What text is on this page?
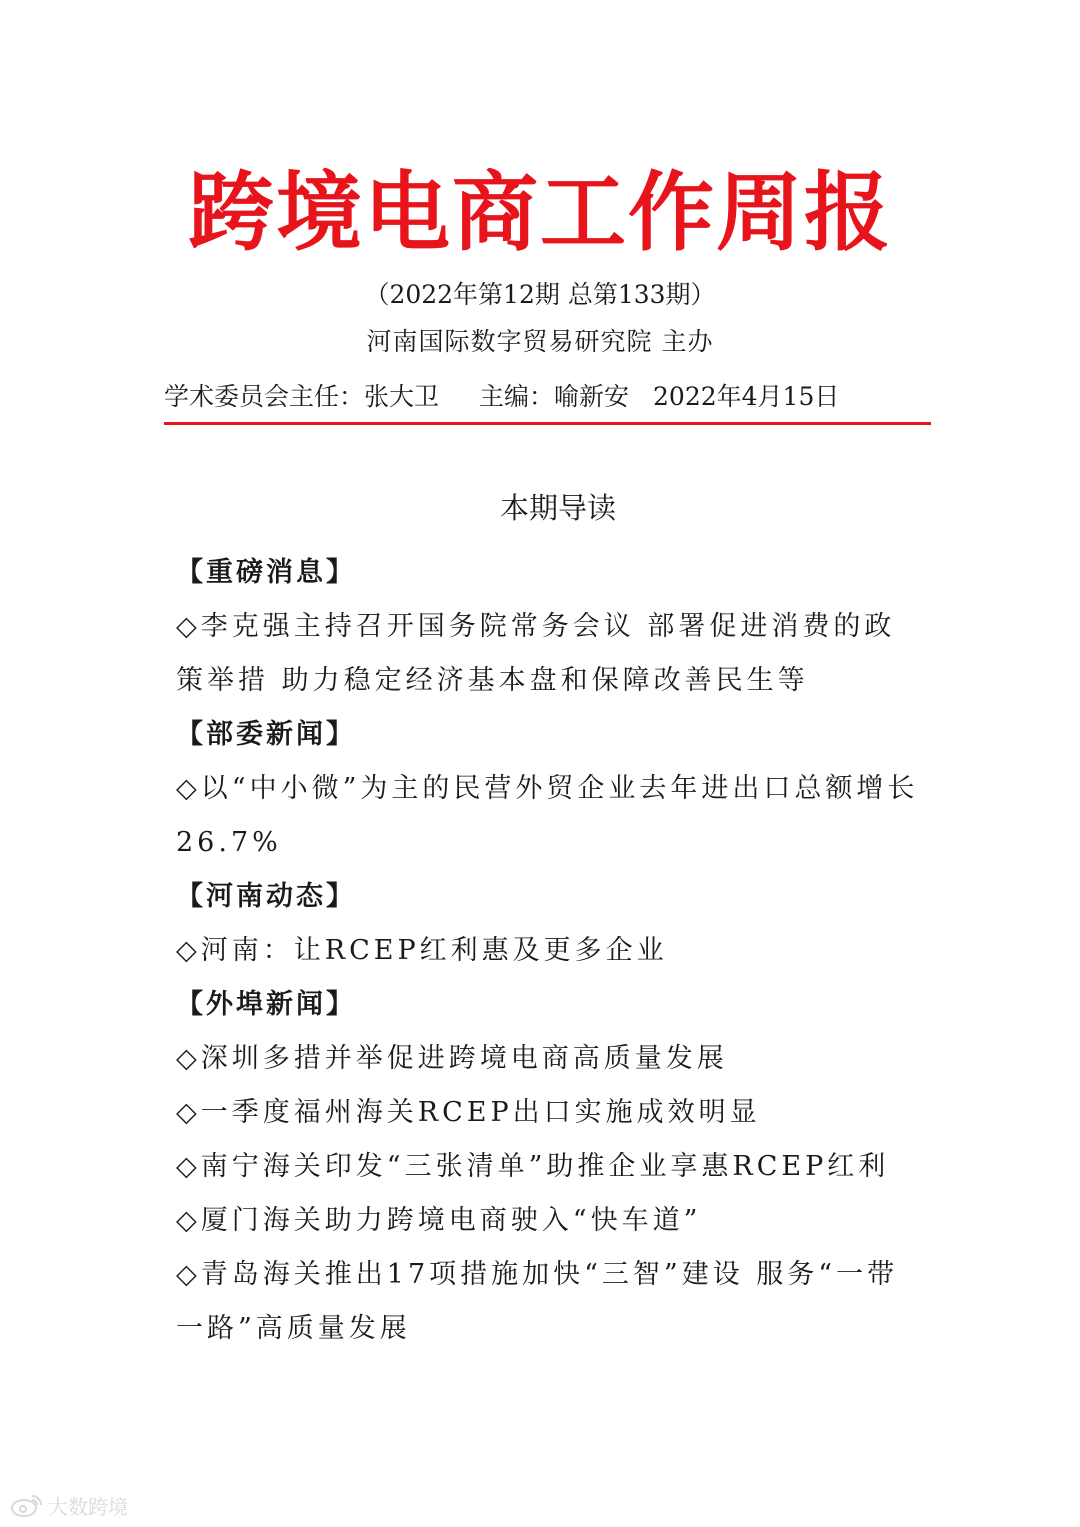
跨境电商工作周报
（2022年第12期 总第133期）
河南国际数字贸易研究院 主办
学术委员会主任：张大卫 主编：喻新安 2022年4月15日
本期导读
【重磅消息】
◇李克强主持召开国务院常务会议 部署促进消费的政策举措 助力稳定经济基本盘和保障改善民生等
【部委新闻】
◇以“中小微”为主的民营外贸企业去年进出口总额增长26.7%
【河南动态】
◇河南：让RCEP红利惠及更多企业
【外埠新闻】
◇深圳多措并举促进跨境电商高质量发展
◇一季度福州海关RCEP出口实施成效明显
◇南宁海关印发“三张清单”助推企业享惠RCEP红利
◇厦门海关助力跨境电商驶入“快车道”
◇青岛海关推出17项措施加快“三智”建设 服务“一带一路”高质量发展
大数跨境
